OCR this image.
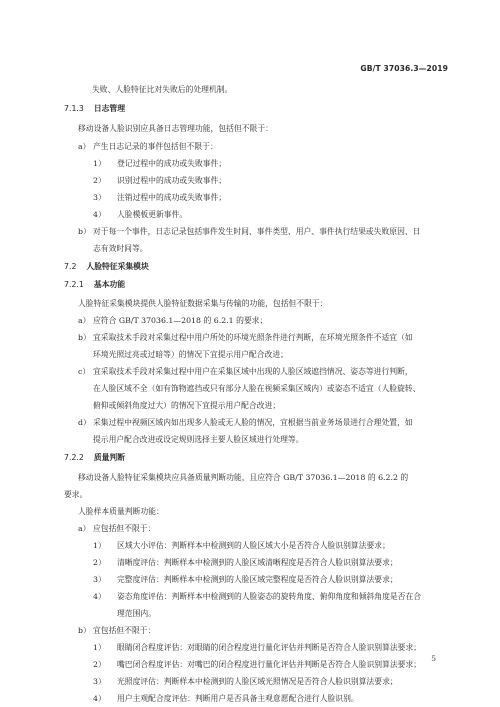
GB/T 37036.3—2019
失败、人脸特征比对失败后的处理机制。
7.1.3 日志管理
移动设备人脸识别应具备日志管理功能，包括但不限于：
a） 产生日志记录的事件包括但不限于：
1） 登记过程中的成功或失败事件；
2） 识别过程中的成功或失败事件；
3） 注销过程中的成功或失败事件；
4） 人脸模板更新事件。
b） 对于每一个事件，日志记录包括事件发生时间、事件类型、用户、事件执行结果或失败原因、日
志有效时间等。
7.2 人脸特征采集模块
7.2.1 基本功能
人脸特征采集模块提供人脸特征数据采集与传输的功能，包括但不限于：
a） 应符合 GB/T 37036.1—2018 的 6.2.1 的要求；
b） 宜采取技术手段对采集过程中用户所处的环境光照条件进行判断，在环境光照条件不适宜（如
环境光照过亮或过暗等）的情况下宜提示用户配合改进；
c） 宜采取技术手段对采集过程中用户在采集区域中出现的人脸区域遮挡情况、姿态等进行判断，
在人脸区域不全（如有饰物遮挡或只有部分人脸在视频采集区域内）或姿态不适宜（人脸旋转、
俯仰或倾斜角度过大）的情况下宜提示用户配合改进；
d） 采集过程中视频区域内如出现多人脸或无人脸的情况，宜根据当前业务场景进行合理处置，如
提示用户配合改进或设定规则选择主要人脸区域进行处理等。
7.2.2 质量判断
移动设备人脸特征采集模块应具备质量判断功能，且应符合 GB/T 37036.1—2018 的 6.2.2 的
要求。
人脸样本质量判断功能：
a） 应包括但不限于：
1） 区域大小评估：判断样本中检测到的人脸区域大小是否符合人脸识别算法要求；
2） 清晰度评估：判断样本中检测到的人脸区域清晰程度是否符合人脸识别算法要求；
3） 完整度评估：判断样本中检测到的人脸区域完整程度是否符合人脸识别算法要求；
4） 姿态角度评估：判断样本中检测到的人脸姿态的旋转角度、俯仰角度和倾斜角度是否在合
理范围内。
b） 宜包括但不限于：
1） 眼睛闭合程度评估：对眼睛的闭合程度进行量化评估并判断是否符合人脸识别算法要求；
2） 嘴巴闭合程度评估：对嘴巴的闭合程度进行量化评估并判断是否符合人脸识别算法要求；
3） 光照度评估：判断样本中检测到的人脸区域光照情况是否符合人脸识别算法要求；
4） 用户主观配合度评估：判断用户是否具备主观意愿配合进行人脸识别。
5
